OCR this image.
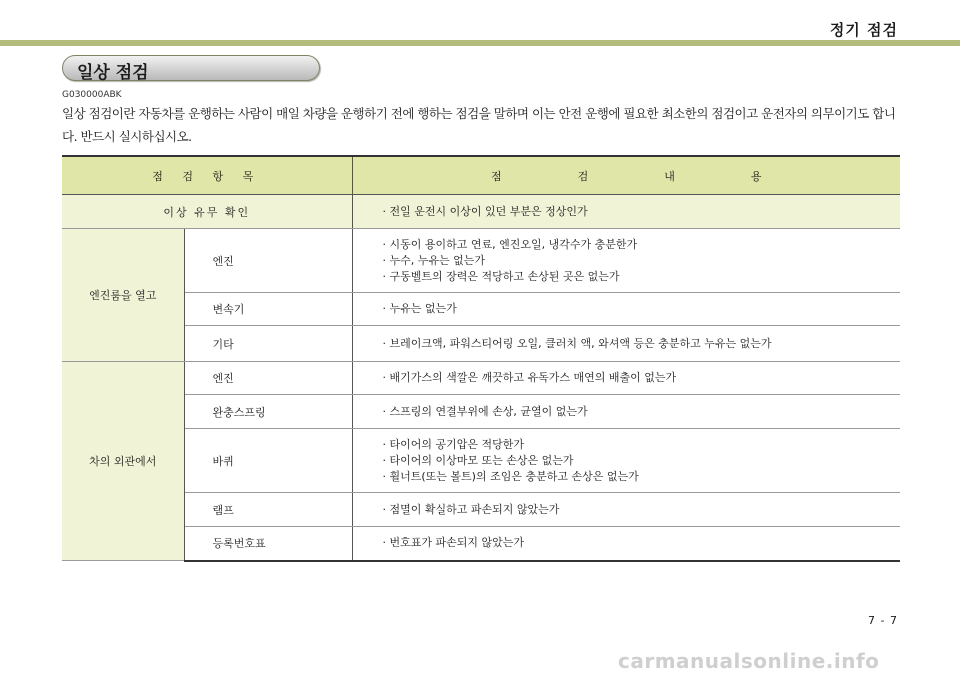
정기 점검
일상 점검
G030000ABK
일상 점검이란 자동차를 운행하는 사람이 매일 차량을 운행하기 전에 행하는 점검을 말하며 이는 안전 운행에 필요한 최소한의 점검이고 운전자의 의무이기도 합니다. 반드시 실시하십시오.
점 검 항 목		점 검 내 용
이상 유무 확인		· 전일 운전시 이상이 있던 부분은 정상인가

엔진룸을 열고	엔진	· 시동이 용이하고 연료, 엔진오일, 냉각수가 충분한가
· 누수, 누유는 없는가
· 구동벨트의 장력은 적당하고 손상된 곳은 없는가

	변속기	· 누유는 없는가

	기타	· 브레이크액, 파워스티어링 오일, 클러치 액, 와셔액 등은 충분하고 누유는 없는가

차의 외관에서	엔진	· 배기가스의 색깔은 깨끗하고 유독가스 매연의 배출이 없는가

	완충스프링	· 스프링의 연결부위에 손상, 균열이 없는가

	바퀴	· 타이어의 공기압은 적당한가
· 타이어의 이상마모 또는 손상은 없는가
· 휠너트(또는 볼트)의 조임은 충분하고 손상은 없는가

	램프	· 점멸이 확실하고 파손되지 않았는가

	등록번호표	· 번호표가 파손되지 않았는가
7 - 7
carmanualsonline.info
